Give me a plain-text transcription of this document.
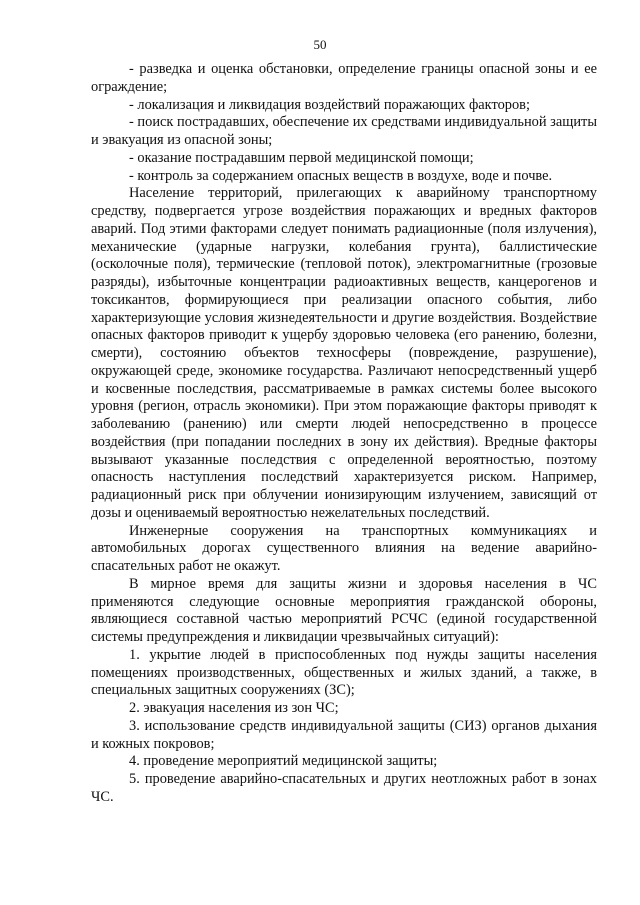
50

- разведка и оценка обстановки, определение границы опасной зоны и ее ограждение;

- локализация и ликвидация воздействий поражающих факторов;

- поиск пострадавших, обеспечение их средствами индивидуальной защиты и эвакуация из опасной зоны;

- оказание пострадавшим первой медицинской помощи;

- контроль за содержанием опасных веществ в воздухе, воде и почве.

Население территорий, прилегающих к аварийному транспортному средству, подвергается угрозе воздействия поражающих и вредных факторов аварий. Под этими факторами следует понимать радиационные (поля излучения), механические (ударные нагрузки, колебания грунта), баллистические (осколочные поля), термические (тепловой поток), электромагнитные (грозовые разряды), избыточные концентрации радиоактивных веществ, канцерогенов и токсикантов, формирующиеся при реализации опасного события, либо характеризующие условия жизнедеятельности и другие воздействия. Воздействие опасных факторов приводит к ущербу здоровью человека (его ранению, болезни, смерти), состоянию объектов техносферы (повреждение, разрушение), окружающей среде, экономике государства. Различают непосредственный ущерб и косвенные последствия, рассматриваемые в рамках системы более высокого уровня (регион, отрасль экономики). При этом поражающие факторы приводят к заболеванию (ранению) или смерти людей непосредственно в процессе воздействия (при попадании последних в зону их действия). Вредные факторы вызывают указанные последствия с определенной вероятностью, поэтому опасность наступления последствий характеризуется риском. Например, радиационный риск при облучении ионизирующим излучением, зависящий от дозы и оцениваемый вероятностью нежелательных последствий.

Инженерные сооружения на транспортных коммуникациях и автомобильных дорогах существенного влияния на ведение аварийно-спасательных работ не окажут.

В мирное время для защиты жизни и здоровья населения в ЧС применяются следующие основные мероприятия гражданской обороны, являющиеся составной частью мероприятий РСЧС (единой государственной системы предупреждения и ликвидации чрезвычайных ситуаций):

1. укрытие людей в приспособленных под нужды защиты населения помещениях производственных, общественных и жилых зданий, а также, в специальных защитных сооружениях (ЗС);

2. эвакуация населения из зон ЧС;

3. использование средств индивидуальной защиты (СИЗ) органов дыхания и кожных покровов;

4. проведение мероприятий медицинской защиты;

5. проведение аварийно-спасательных и других неотложных работ в зонах ЧС.
